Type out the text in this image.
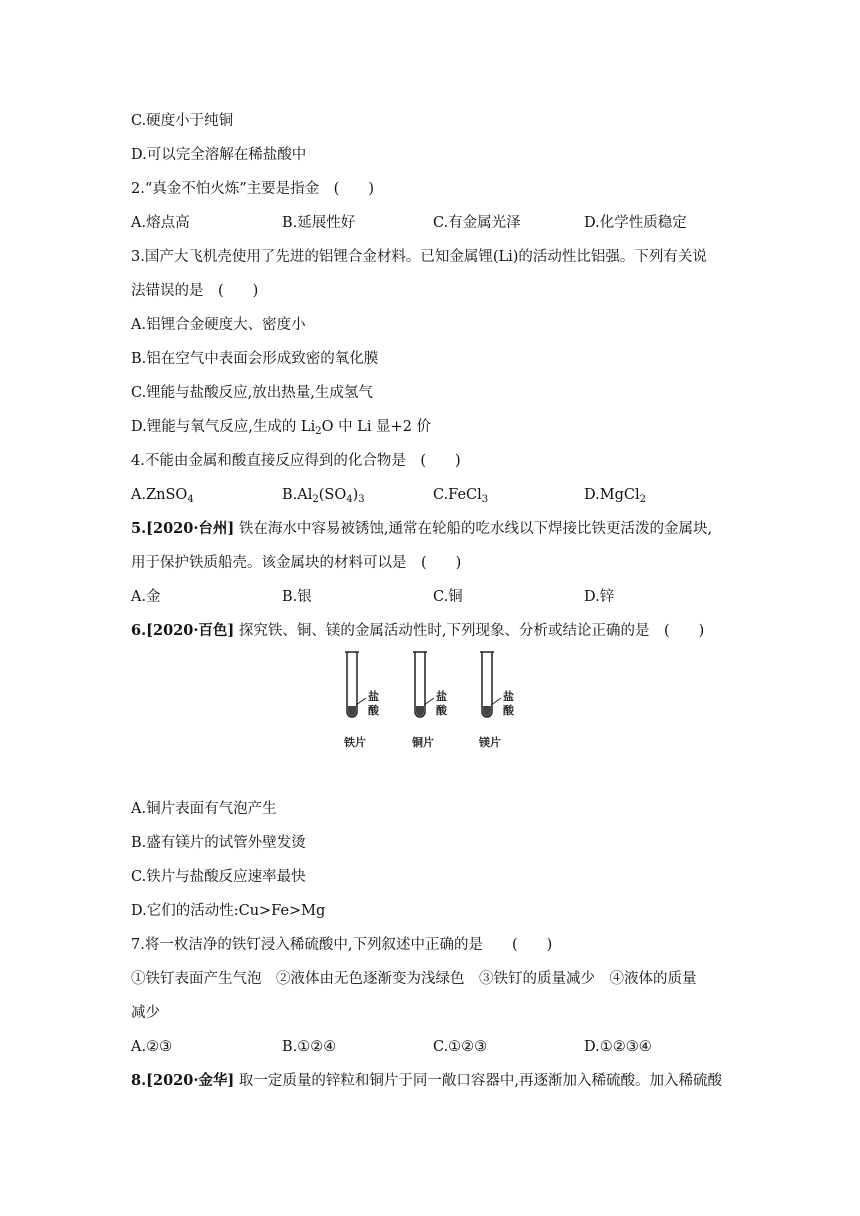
C.硬度小于纯铜
D.可以完全溶解在稀盐酸中
2.“真金不怕火炼”主要是指金　(　　)
A.熔点高	B.延展性好	C.有金属光泽	D.化学性质稳定
3.国产大飞机壳使用了先进的铝锂合金材料。已知金属锂(Li)的活动性比铝强。下列有关说
法错误的是　(　　)
A.铝锂合金硬度大、密度小
B.铝在空气中表面会形成致密的氧化膜
C.锂能与盐酸反应,放出热量,生成氢气
D.锂能与氧气反应,生成的 $Li_2O$ 中 Li 显+2 价
4.不能由金属和酸直接反应得到的化合物是　(　　)
A.ZnSO$_4$	$B.Al_2(SO_4)_3$	C.FeCl$_3$	D.MgCl$_2$
5.[2020·台州] 铁在海水中容易被锈蚀,通常在轮船的吃水线以下焊接比铁更活泼的金属块,
用于保护铁质船壳。该金属块的材料可以是　(　　)
A.金	B.银	C.铜	D.锌
6.[2020·百色] 探究铁、铜、镁的金属活动性时,下列现象、分析或结论正确的是　(　　)
盐
酸
盐
酸
盐
酸
铁片	铜片	镁片
A.铜片表面有气泡产生
B.盛有镁片的试管外壁发烫
C.铁片与盐酸反应速率最快
D.它们的活动性:Cu>Fe>Mg
7.将一枚洁净的铁钉浸入稀硫酸中,下列叙述中正确的是　　(　　)
①铁钉表面产生气泡　②液体由无色逐渐变为浅绿色　③铁钉的质量减少　④液体的质量
减少
A.②③	B.①②④	C.①②③	D.①②③④
8.[2020·金华] 取一定质量的锌粒和铜片于同一敞口容器中,再逐渐加入稀硫酸。加入稀硫酸
